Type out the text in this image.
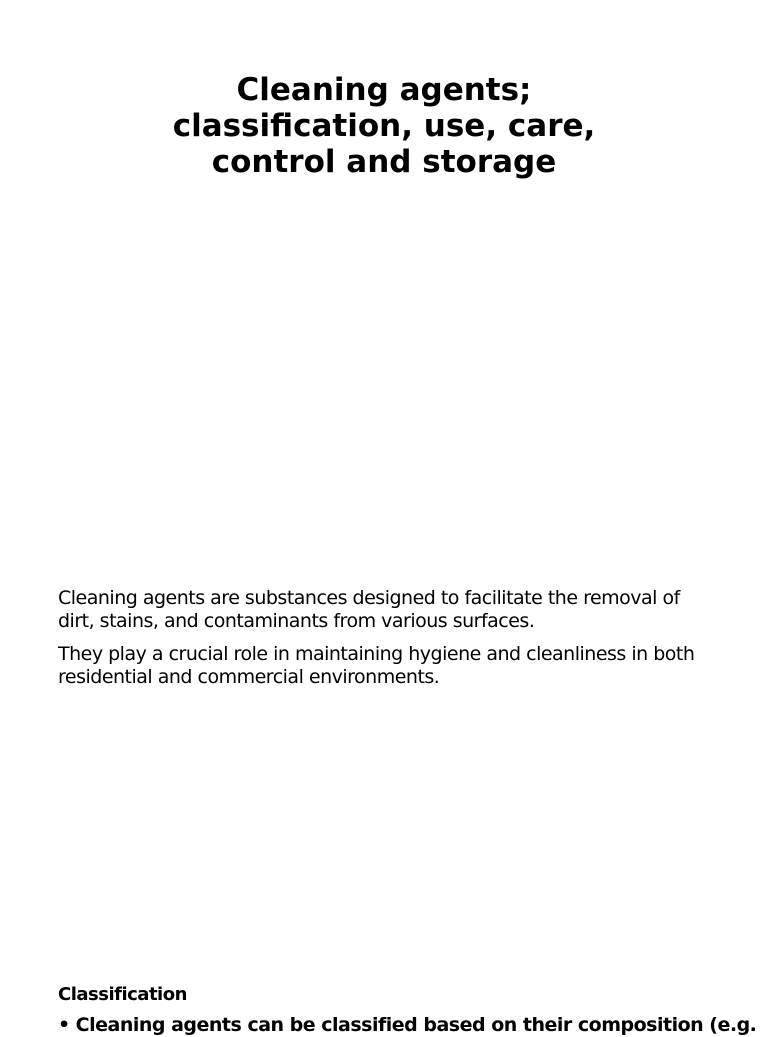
Cleaning agents;
classification, use, care,
control and storage

Cleaning agents are substances designed to facilitate the removal of dirt, stains, and contaminants from various surfaces.

They play a crucial role in maintaining hygiene and cleanliness in both residential and commercial environments.

Classification
• Cleaning agents can be classified based on their composition (e.g.
